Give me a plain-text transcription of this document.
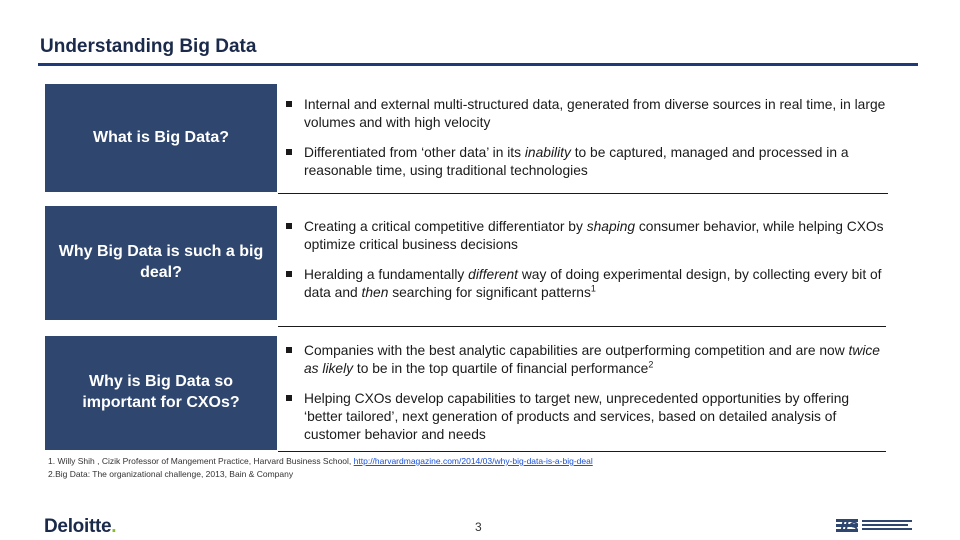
Understanding Big Data
What is Big Data?
Internal and external multi-structured data, generated from diverse sources in real time, in large volumes and with high velocity
Differentiated from ‘other data’ in its inability to be captured, managed and processed in a reasonable time, using traditional technologies
Why Big Data is such a big deal?
Creating a critical competitive differentiator by shaping consumer behavior, while helping CXOs optimize critical business decisions
Heralding a fundamentally different way of doing experimental design, by collecting every bit of data and then searching for significant patterns$^1$
Why is Big Data so important for CXOs?
Companies with the best analytic capabilities are outperforming competition and are now twice as likely to be in the top quartile of financial performance$^2$
Helping CXOs develop capabilities to target new, unprecedented opportunities by offering ‘better tailored’, next generation of products and services, based on detailed analysis of customer behavior and needs
1. Willy Shih , Cizik Professor of Mangement Practice, Harvard Business School, http://harvardmagazine.com/2014/03/why-big-data-is-a-big-deal
2.Big Data: The organizational challenge, 2013, Bain & Company
Deloitte.	3	IIS
